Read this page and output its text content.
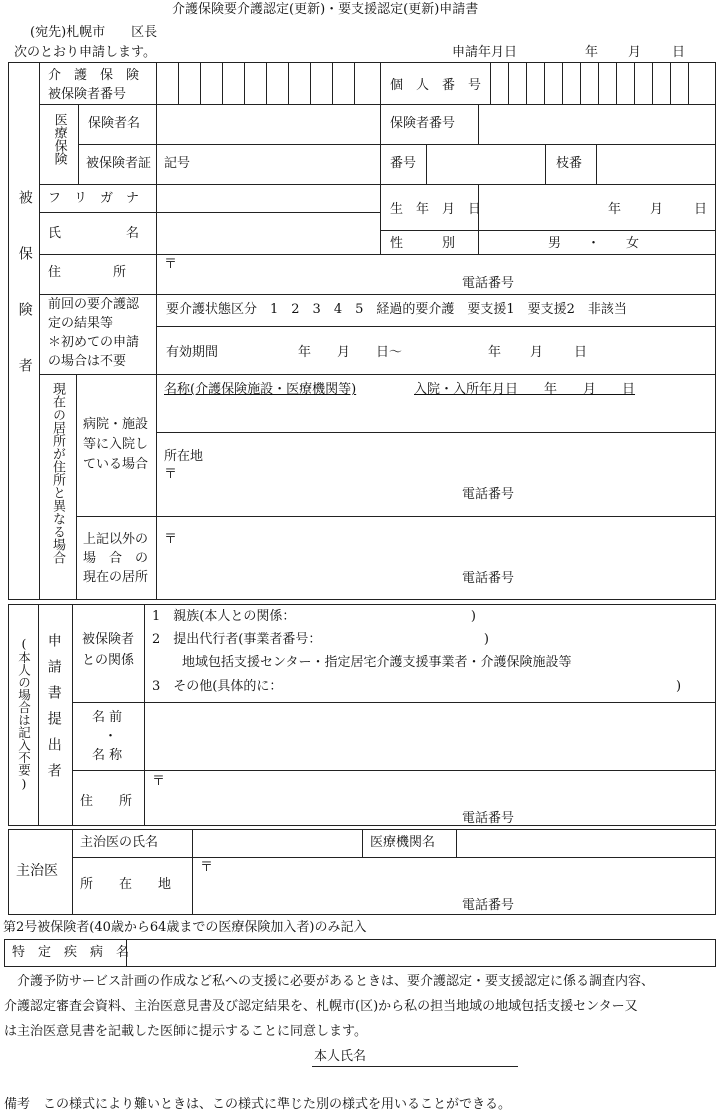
介護保険要介護認定(更新)・要支援認定(更新)申請書
(宛先)札幌市　　区長
次のとおり申請します。	申請年月日	年 月 日
被保険者
介　護　保　険
被保険者番号
個　人　番　号
医療保険 保険者名	保険者番号
被保険者証 記号	番号	枝番
フ　リ　ガ　ナ
氏　　　　　名
生　年　月　日	年 月 日
性　　　別	男　　・　　女
住　　　　所
〒
電話番号
前回の要介護認
定の結果等
＊初めての申請
の場合は不要
要介護状態区分　1　2　3　4　5　経過的要介護　要支援1　要支援2　非該当
有効期間	年　　月　　日～	年 月 日
現在の居所が住所と異なる場合 病院・施設
等に入院し
ている場合
名称(介護保険施設・医療機関等)	入院・入所年月日　　年　　月　　日
所在地
〒
電話番号
上記以外の
場　合　の
現在の居所
〒
電話番号
(本人の場合は記入不要) 申請書提出者 被保険者
との関係
1　親族(本人との関係：　　　　　　　　　　　　　　)
2　提出代行者(事業者番号：　　　　　　　　　　　　　)
地域包括支援センター・指定居宅介護支援事業者・介護保険施設等
3　その他(具体的に：	)
名 前
・
名 称
住　　所
〒
電話番号
主治医
主治医の氏名	医療機関名
所　　在　　地
〒
電話番号
第2号被保険者(40歳から64歳までの医療保険加入者)のみ記入
特　定　疾　病　名
　介護予防サービス計画の作成など私への支援に必要があるときは、要介護認定・要支援認定に係る調査内容、
介護認定審査会資料、主治医意見書及び認定結果を、札幌市(区)から私の担当地域の地域包括支援センター又
は主治医意見書を記載した医師に提示することに同意します。
本人氏名
備考　この様式により難いときは、この様式に準じた別の様式を用いることができる。
